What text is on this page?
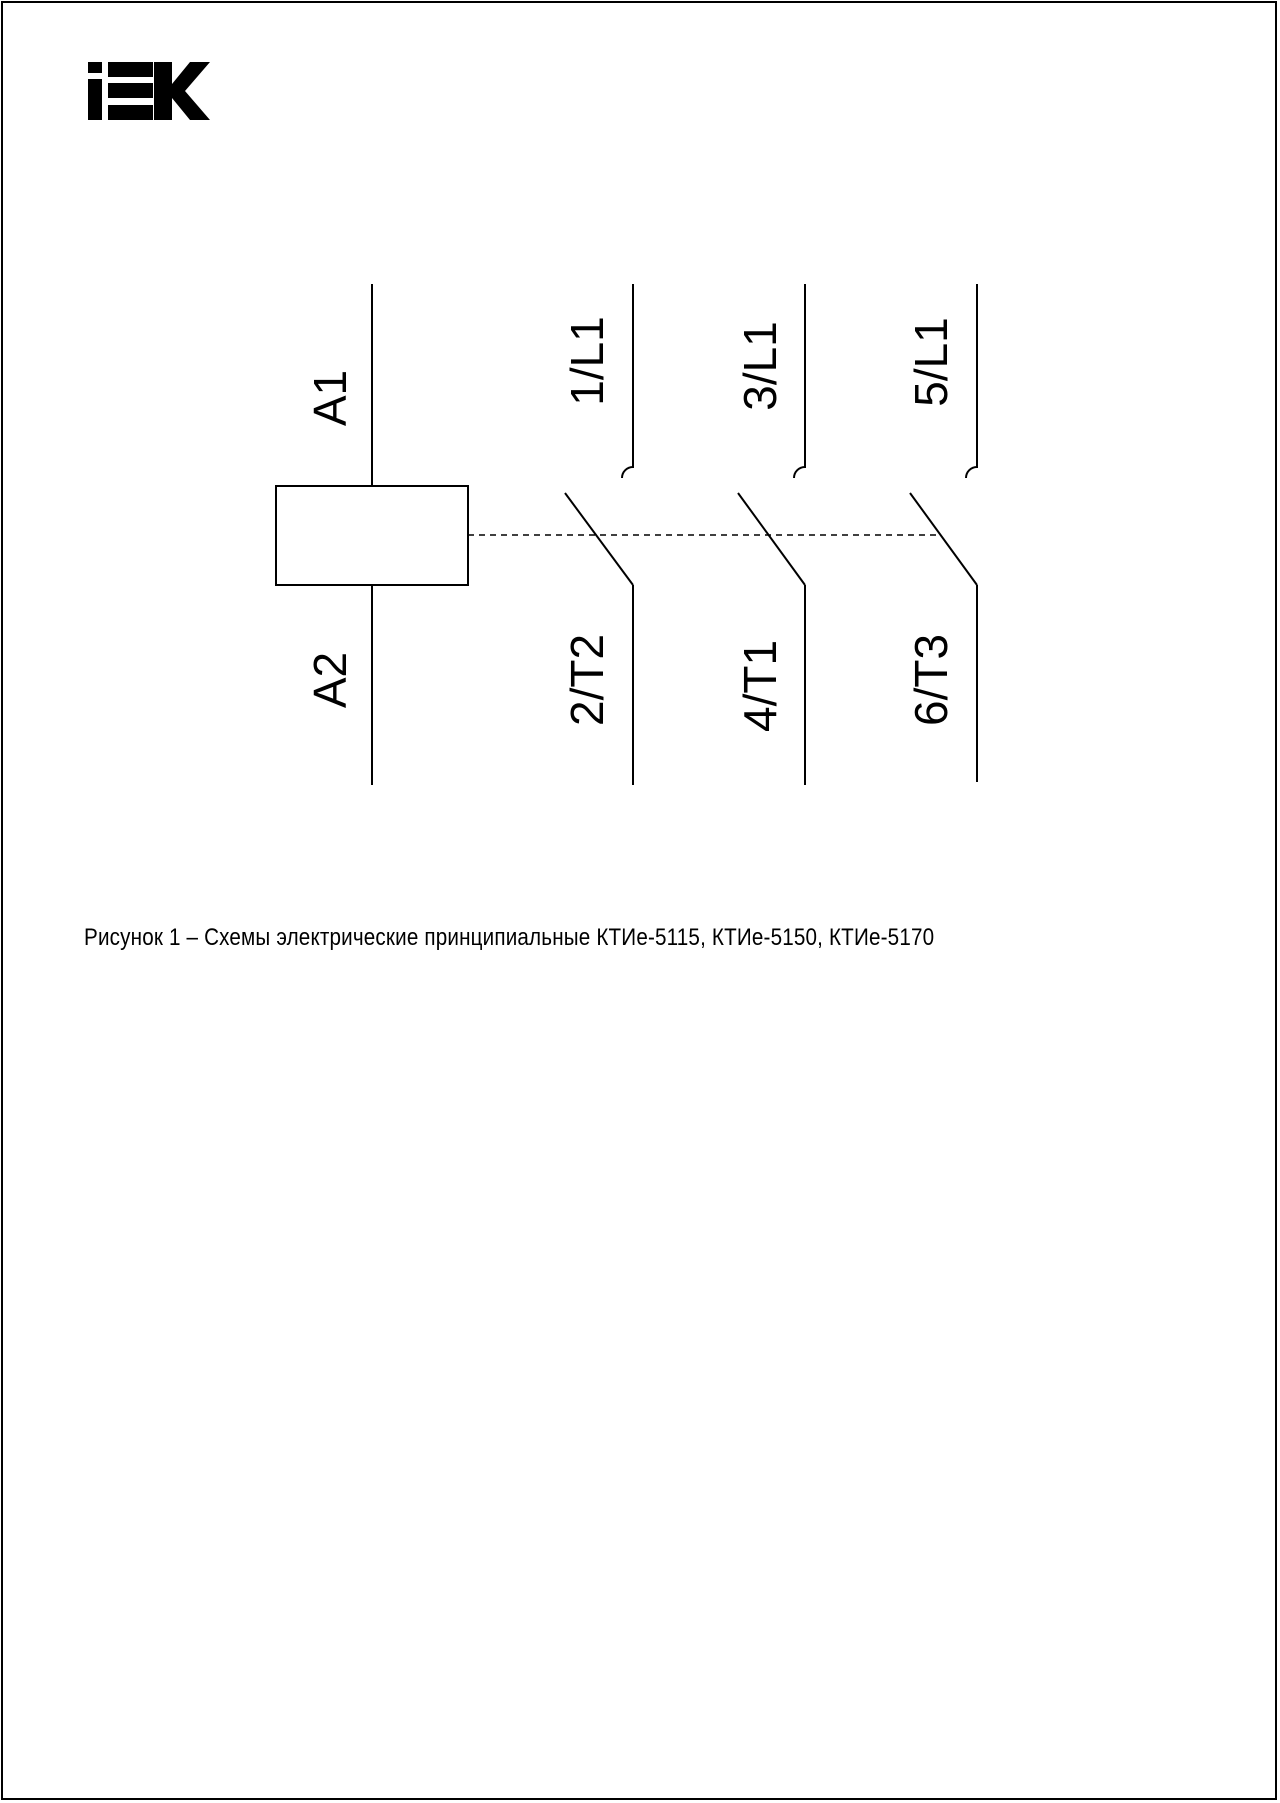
A1
A2
1/L1
2/T2
3/L1
4/T1
5/L1
6/T3
Рисунок 1 – Схемы электрические принципиальные КТИе-5115, КТИе-5150, КТИе-5170
